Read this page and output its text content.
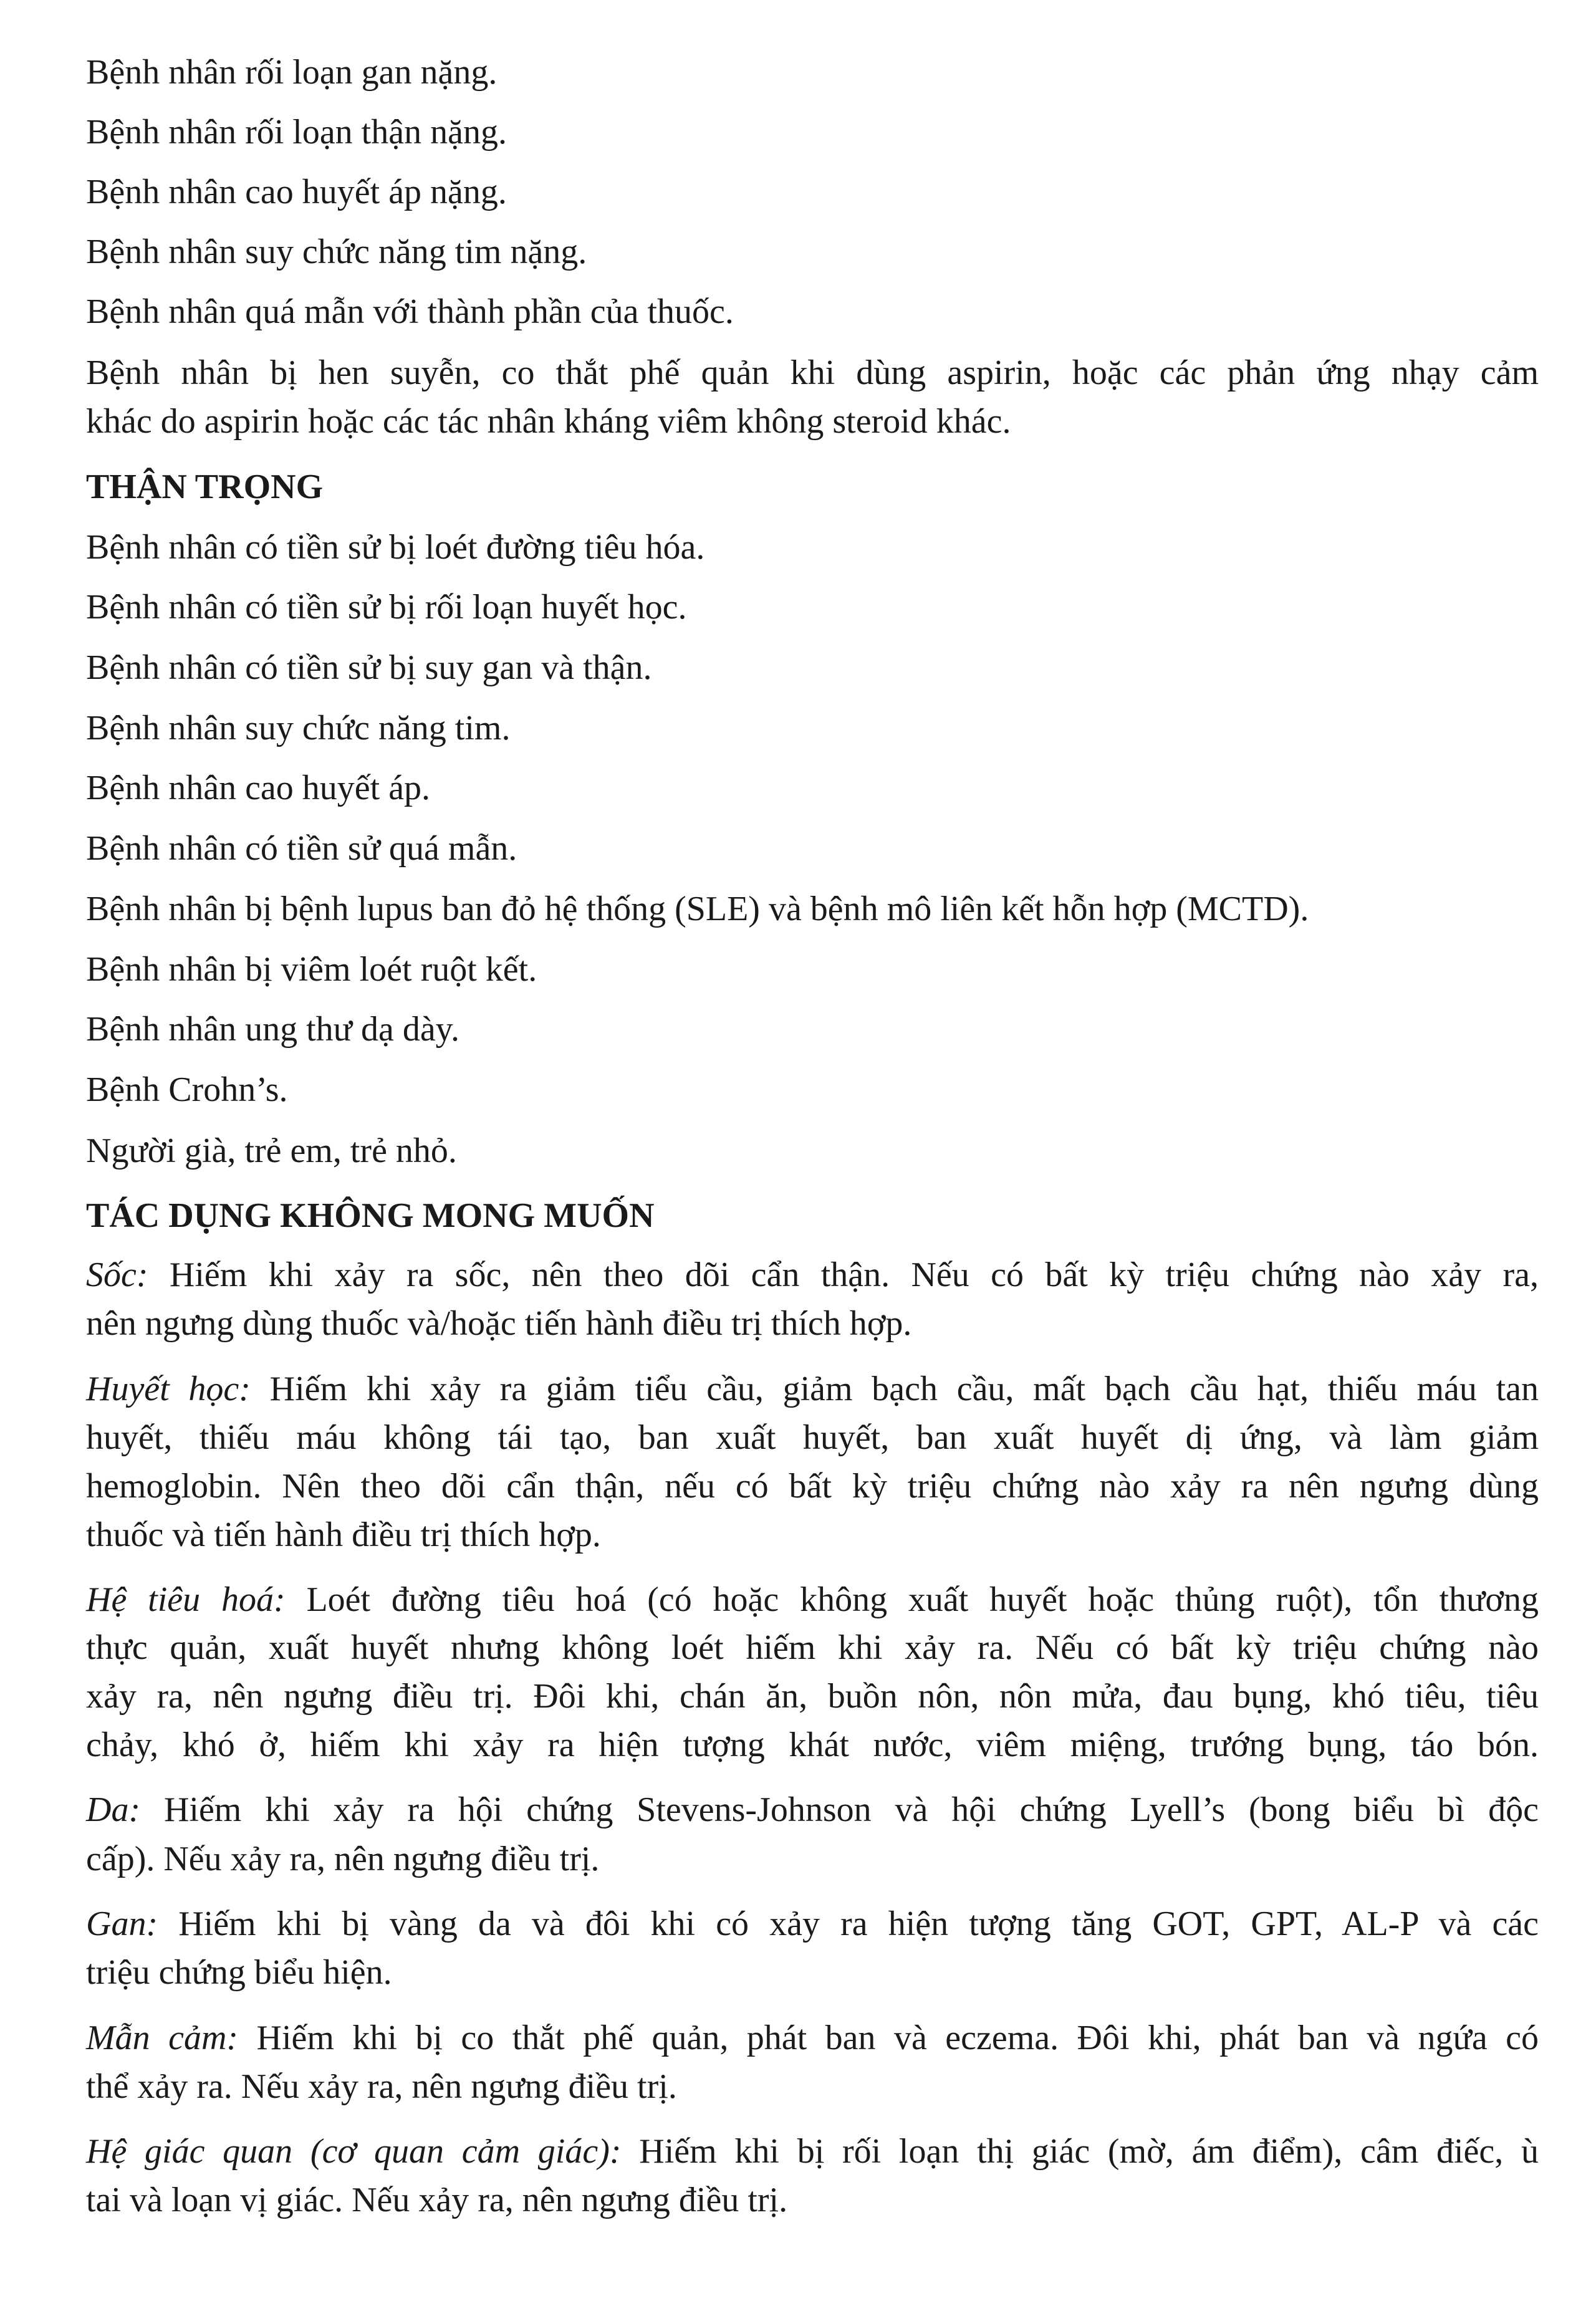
Bệnh nhân rối loạn gan nặng.
Bệnh nhân rối loạn thận nặng.
Bệnh nhân cao huyết áp nặng.
Bệnh nhân suy chức năng tim nặng.
Bệnh nhân quá mẫn với thành phần của thuốc.
Bệnh nhân bị hen suyễn, co thắt phế quản khi dùng aspirin, hoặc các phản ứng nhạy cảm
khác do aspirin hoặc các tác nhân kháng viêm không steroid khác.
THẬN TRỌNG
Bệnh nhân có tiền sử bị loét đường tiêu hóa.
Bệnh nhân có tiền sử bị rối loạn huyết học.
Bệnh nhân có tiền sử bị suy gan và thận.
Bệnh nhân suy chức năng tim.
Bệnh nhân cao huyết áp.
Bệnh nhân có tiền sử quá mẫn.
Bệnh nhân bị bệnh lupus ban đỏ hệ thống (SLE) và bệnh mô liên kết hỗn hợp (MCTD).
Bệnh nhân bị viêm loét ruột kết.
Bệnh nhân ung thư dạ dày.
Bệnh Crohn’s.
Người già, trẻ em, trẻ nhỏ.
TÁC DỤNG KHÔNG MONG MUỐN
Sốc: Hiếm khi xảy ra sốc, nên theo dõi cẩn thận. Nếu có bất kỳ triệu chứng nào xảy ra,
nên ngưng dùng thuốc và/hoặc tiến hành điều trị thích hợp.
Huyết học: Hiếm khi xảy ra giảm tiểu cầu, giảm bạch cầu, mất bạch cầu hạt, thiếu máu tan
huyết, thiếu máu không tái tạo, ban xuất huyết, ban xuất huyết dị ứng, và làm giảm
hemoglobin. Nên theo dõi cẩn thận, nếu có bất kỳ triệu chứng nào xảy ra nên ngưng dùng
thuốc và tiến hành điều trị thích hợp.
Hệ tiêu hoá: Loét đường tiêu hoá (có hoặc không xuất huyết hoặc thủng ruột), tổn thương
thực quản, xuất huyết nhưng không loét hiếm khi xảy ra. Nếu có bất kỳ triệu chứng nào
xảy ra, nên ngưng điều trị. Đôi khi, chán ăn, buồn nôn, nôn mửa, đau bụng, khó tiêu, tiêu
chảy, khó ở, hiếm khi xảy ra hiện tượng khát nước, viêm miệng, trướng bụng, táo bón.
Da: Hiếm khi xảy ra hội chứng Stevens-Johnson và hội chứng Lyell’s (bong biểu bì độc
cấp). Nếu xảy ra, nên ngưng điều trị.
Gan: Hiếm khi bị vàng da và đôi khi có xảy ra hiện tượng tăng GOT, GPT, AL-P và các
triệu chứng biểu hiện.
Mẫn cảm: Hiếm khi bị co thắt phế quản, phát ban và eczema. Đôi khi, phát ban và ngứa có
thể xảy ra. Nếu xảy ra, nên ngưng điều trị.
Hệ giác quan (cơ quan cảm giác): Hiếm khi bị rối loạn thị giác (mờ, ám điểm), câm điếc, ù
tai và loạn vị giác. Nếu xảy ra, nên ngưng điều trị.
